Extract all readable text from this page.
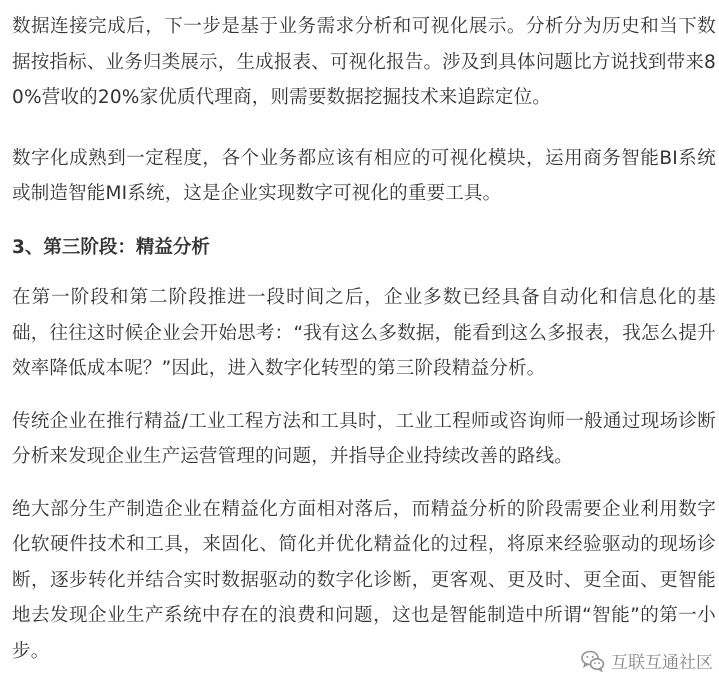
数据连接完成后，下一步是基于业务需求分析和可视化展示。分析分为历史和当下数据按指标、业务归类展示，生成报表、可视化报告。涉及到具体问题比方说找到带来80%营收的20%家优质代理商，则需要数据挖掘技术来追踪定位。

数字化成熟到一定程度，各个业务都应该有相应的可视化模块，运用商务智能BI系统或制造智能MI系统，这是企业实现数字可视化的重要工具。

3、第三阶段：精益分析

在第一阶段和第二阶段推进一段时间之后，企业多数已经具备自动化和信息化的基础，往往这时候企业会开始思考：“我有这么多数据，能看到这么多报表，我怎么提升效率降低成本呢？”因此，进入数字化转型的第三阶段精益分析。

传统企业在推行精益/工业工程方法和工具时，工业工程师或咨询师一般通过现场诊断分析来发现企业生产运营管理的问题，并指导企业持续改善的路线。

绝大部分生产制造企业在精益化方面相对落后，而精益分析的阶段需要企业利用数字化软硬件技术和工具，来固化、简化并优化精益化的过程，将原来经验驱动的现场诊断，逐步转化并结合实时数据驱动的数字化诊断，更客观、更及时、更全面、更智能地去发现企业生产系统中存在的浪费和问题，这也是智能制造中所谓“智能”的第一小步。

互联互通社区
